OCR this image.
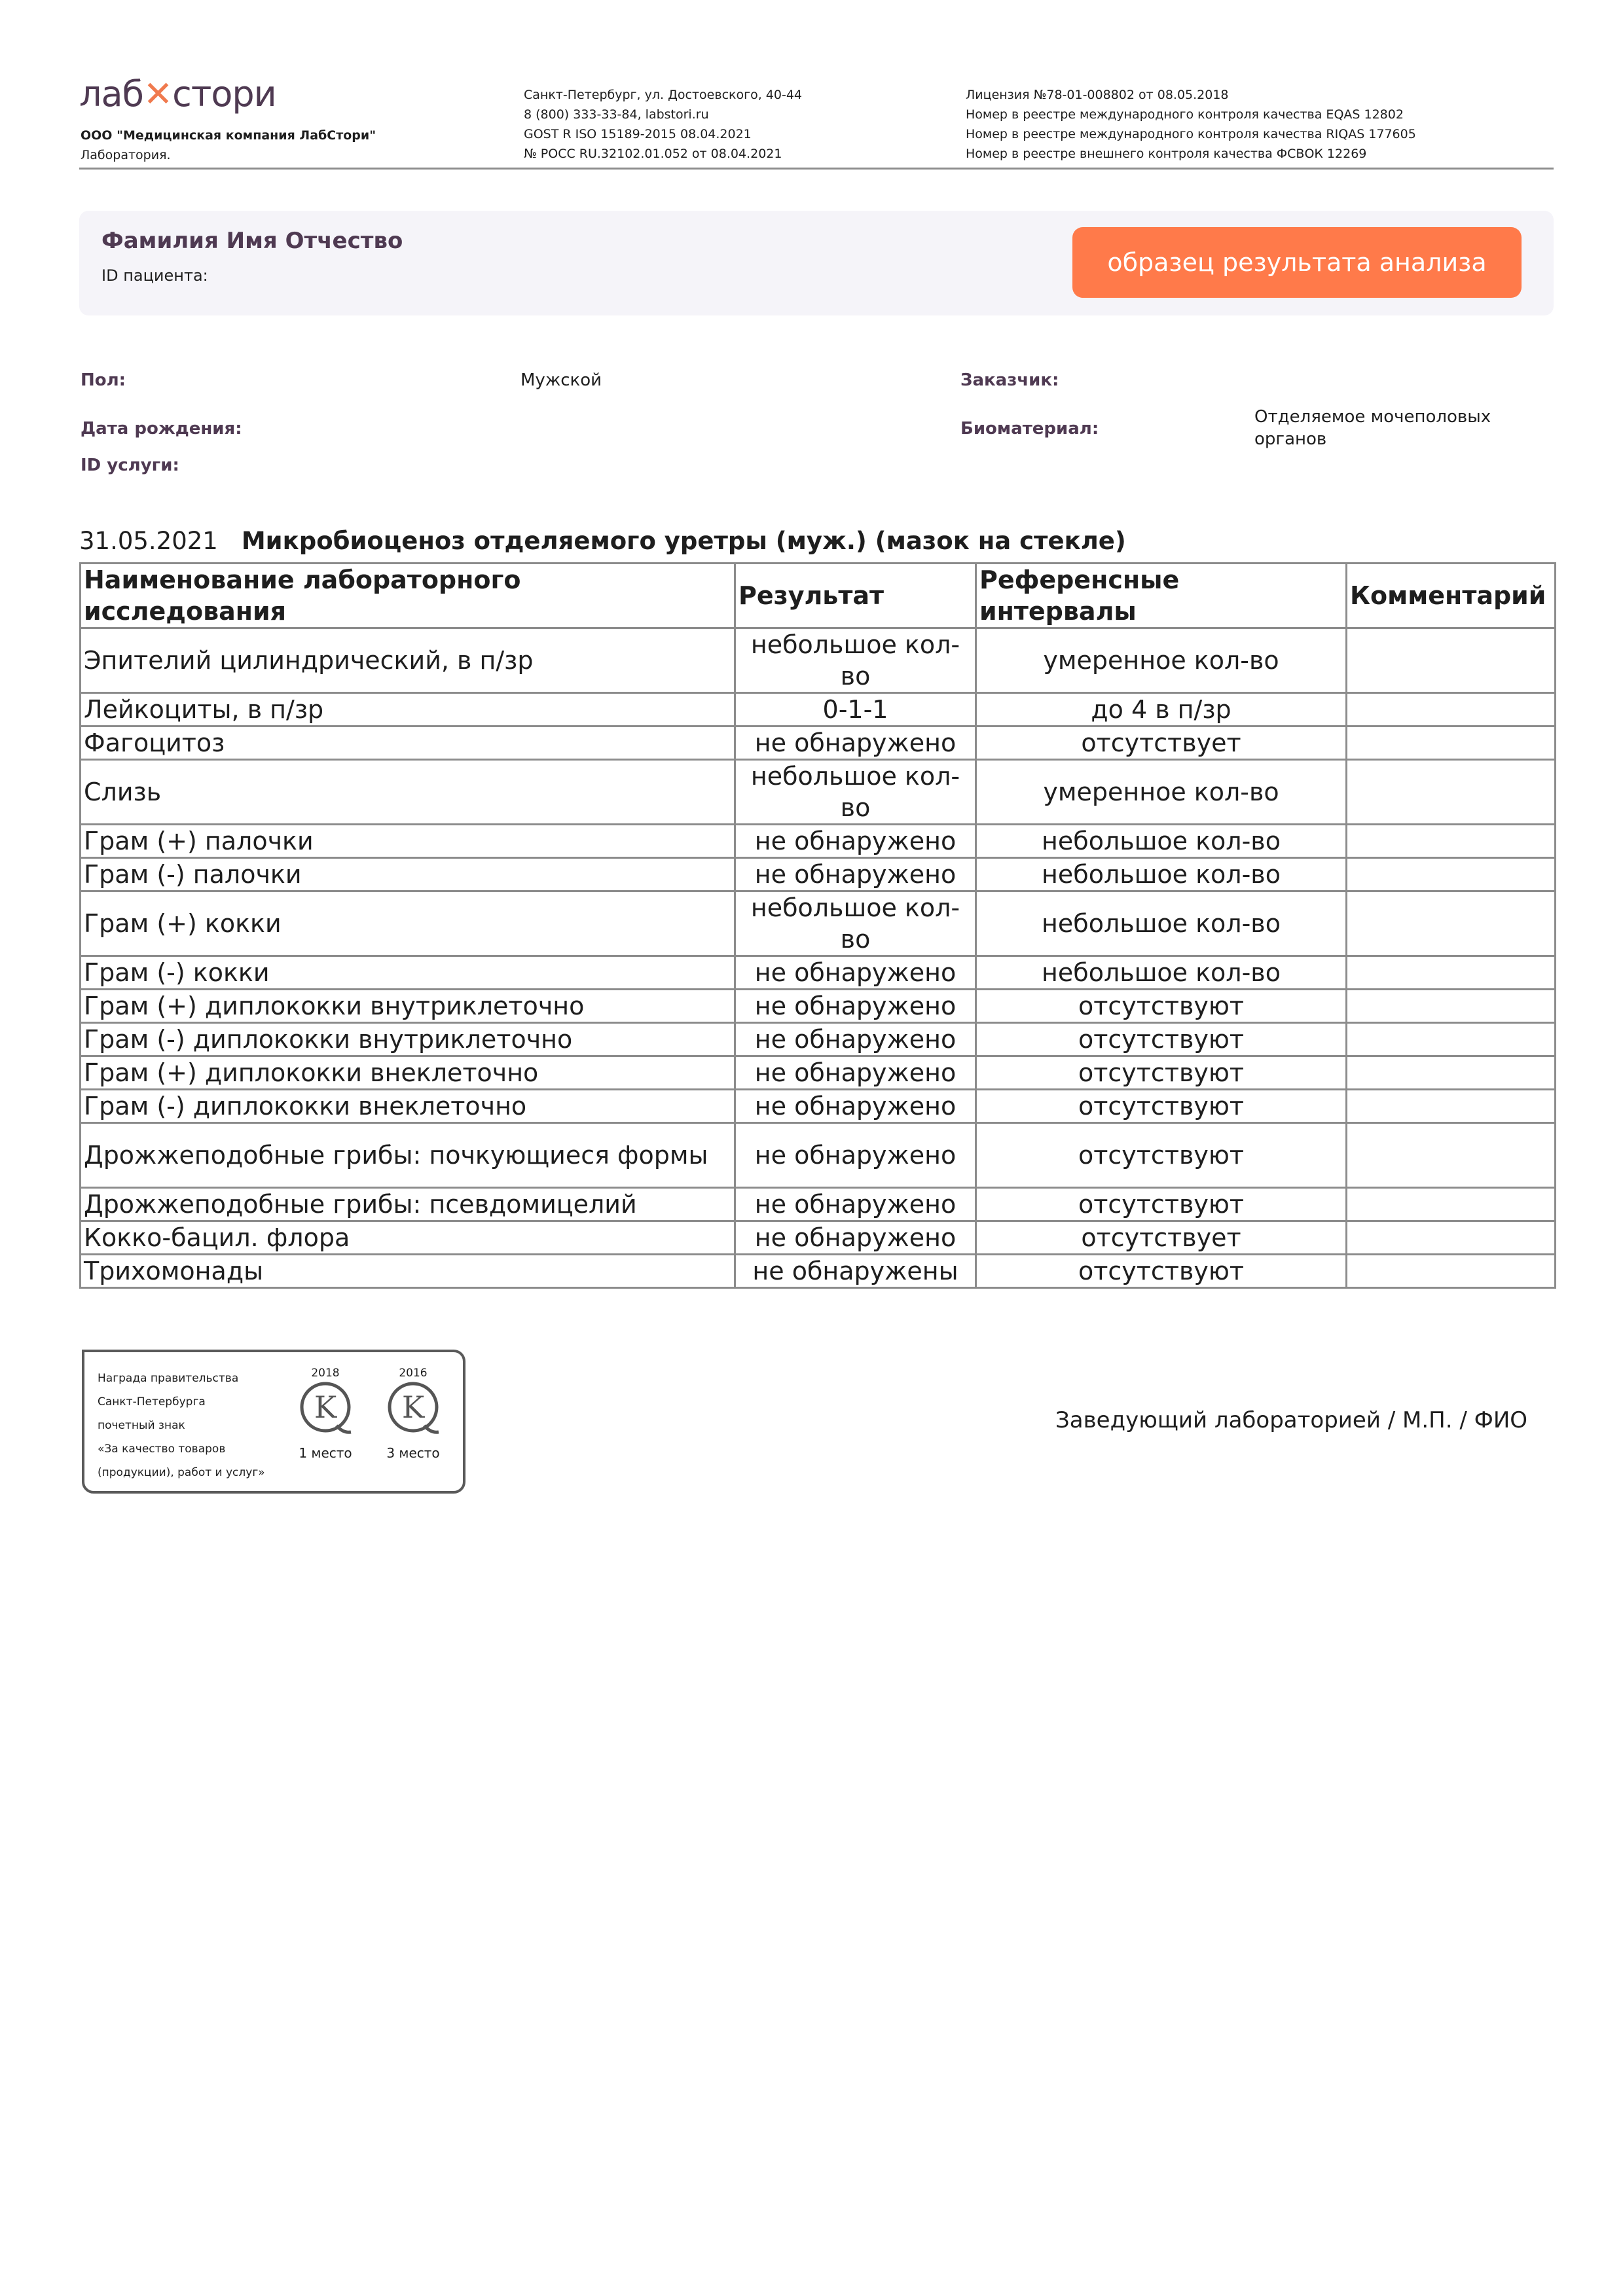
лаб✕стори
ООО "Медицинская компания ЛабСтори"
Лаборатория.
Санкт-Петербург, ул. Достоевского, 40-44
8 (800) 333-33-84, labstori.ru
GOST R ISO 15189-2015 08.04.2021
№ РОСС RU.32102.01.052 от 08.04.2021
Лицензия №78-01-008802 от 08.05.2018
Номер в реестре международного контроля качества EQAS 12802
Номер в реестре международного контроля качества RIQAS 177605
Номер в реестре внешнего контроля качества ФСВОК 12269
Фамилия Имя Отчество
ID пациента:	образец результата анализа
Пол:	Мужской	Заказчик:
Дата рождения:	Биоматериал:
Отделяемое мочеполовых органов
ID услуги:
31.05.2021 Микробиоценоз отделяемого уретры (муж.) (мазок на стекле)
Наименование лабораторного исследования	Результат	Референсные интервалы	Комментарий
Эпителий цилиндрический, в п/зр	небольшое кол-во	умеренное кол-во	
Лейкоциты, в п/зр	0-1-1	до 4 в п/зр	
Фагоцитоз	не обнаружено	отсутствует	
Слизь	небольшое кол-во	умеренное кол-во	
Грам (+) палочки	не обнаружено	небольшое кол-во	
Грам (-) палочки	не обнаружено	небольшое кол-во	
Грам (+) кокки	небольшое кол-во	небольшое кол-во	
Грам (-) кокки	не обнаружено	небольшое кол-во	
Грам (+) диплококки внутриклеточно	не обнаружено	отсутствуют	
Грам (-) диплококки внутриклеточно	не обнаружено	отсутствуют	
Грам (+) диплококки внеклеточно	не обнаружено	отсутствуют	
Грам (-) диплококки внеклеточно	не обнаружено	отсутствуют	
Дрожжеподобные грибы: почкующиеся формы	не обнаружено	отсутствуют	
Дрожжеподобные грибы: псевдомицелий	не обнаружено	отсутствуют	
Кокко-бацил. флора	не обнаружено	отсутствует	
Трихомонады	не обнаружены	отсутствуют	
Награда правительства
Санкт-Петербурга
почетный знак
«За качество товаров
(продукции), работ и услуг»
2018
K
1 место
2016
K
3 место
Заведующий лабораторией / М.П. / ФИО
